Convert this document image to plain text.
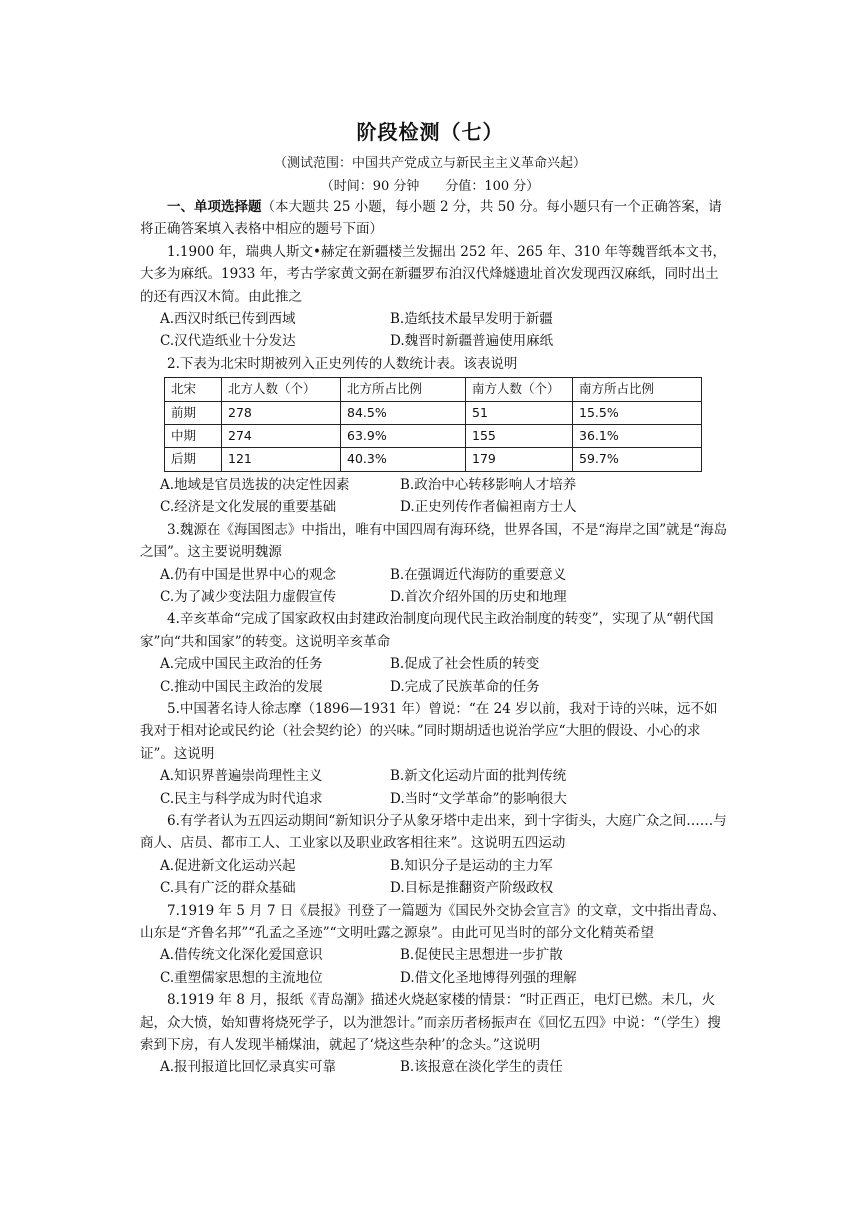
阶段检测（七）
（测试范围：中国共产党成立与新民主主义革命兴起）
（时间：90 分钟　　分值：100 分）

一、单项选择题（本大题共 25 小题，每小题 2 分，共 50 分。每小题只有一个正确答案，请将正确答案填入表格中相应的题号下面）

1.1900 年，瑞典人斯文•赫定在新疆楼兰发掘出 252 年、265 年、310 年等魏晋纸本文书，大多为麻纸。1933 年，考古学家黄文弼在新疆罗布泊汉代烽燧遗址首次发现西汉麻纸，同时出土的还有西汉木简。由此推之

A.西汉时纸已传到西域	B.造纸技术最早发明于新疆
C.汉代造纸业十分发达	D.魏晋时新疆普遍使用麻纸

2.下表为北宋时期被列入正史列传的人数统计表。该表说明

北宋	北方人数（个）	北方所占比例	南方人数（个）	南方所占比例
前期	278	84.5%	51	15.5%
中期	274	63.9%	155	36.1%
后期	121	40.3%	179	59.7%
A.地域是官员选拔的决定性因素	B.政治中心转移影响人才培养
C.经济是文化发展的重要基础	D.正史列传作者偏袒南方士人

3.魏源在《海国图志》中指出，唯有中国四周有海环绕，世界各国，不是“海岸之国”就是“海岛之国”。这主要说明魏源

A.仍有中国是世界中心的观念	B.在强调近代海防的重要意义
C.为了减少变法阻力虚假宣传	D.首次介绍外国的历史和地理

4.辛亥革命“完成了国家政权由封建政治制度向现代民主政治制度的转变”，实现了从“朝代国家”向“共和国家”的转变。这说明辛亥革命

A.完成中国民主政治的任务	B.促成了社会性质的转变
C.推动中国民主政治的发展	D.完成了民族革命的任务

5.中国著名诗人徐志摩（1896—1931 年）曾说：“在 24 岁以前，我对于诗的兴味，远不如我对于相对论或民约论（社会契约论）的兴味。”同时期胡适也说治学应“大胆的假设、小心的求证”。这说明

A.知识界普遍崇尚理性主义	B.新文化运动片面的批判传统
C.民主与科学成为时代追求	D.当时“文学革命”的影响很大

6.有学者认为五四运动期间“新知识分子从象牙塔中走出来，到十字街头，大庭广众之间……与商人、店员、都市工人、工业家以及职业政客相往来”。这说明五四运动

A.促进新文化运动兴起	B.知识分子是运动的主力军
C.具有广泛的群众基础	D.目标是推翻资产阶级政权

7.1919 年 5 月 7 日《晨报》刊登了一篇题为《国民外交协会宣言》的文章，文中指出青岛、山东是“齐鲁名邦”“孔孟之圣迹”“文明吐露之源泉”。由此可见当时的部分文化精英希望

A.借传统文化深化爱国意识	B.促使民主思想进一步扩散
C.重塑儒家思想的主流地位	D.借文化圣地博得列强的理解

8.1919 年 8 月，报纸《青岛潮》描述火烧赵家楼的情景：“时正酉正，电灯已燃。未几，火起，众大愤，始知曹将烧死学子，以为泄怨计。”而亲历者杨振声在《回忆五四》中说：“（学生）搜索到下房，有人发现半桶煤油，就起了‘烧这些杂种’的念头。”这说明

A.报刊报道比回忆录真实可靠	B.该报意在淡化学生的责任
